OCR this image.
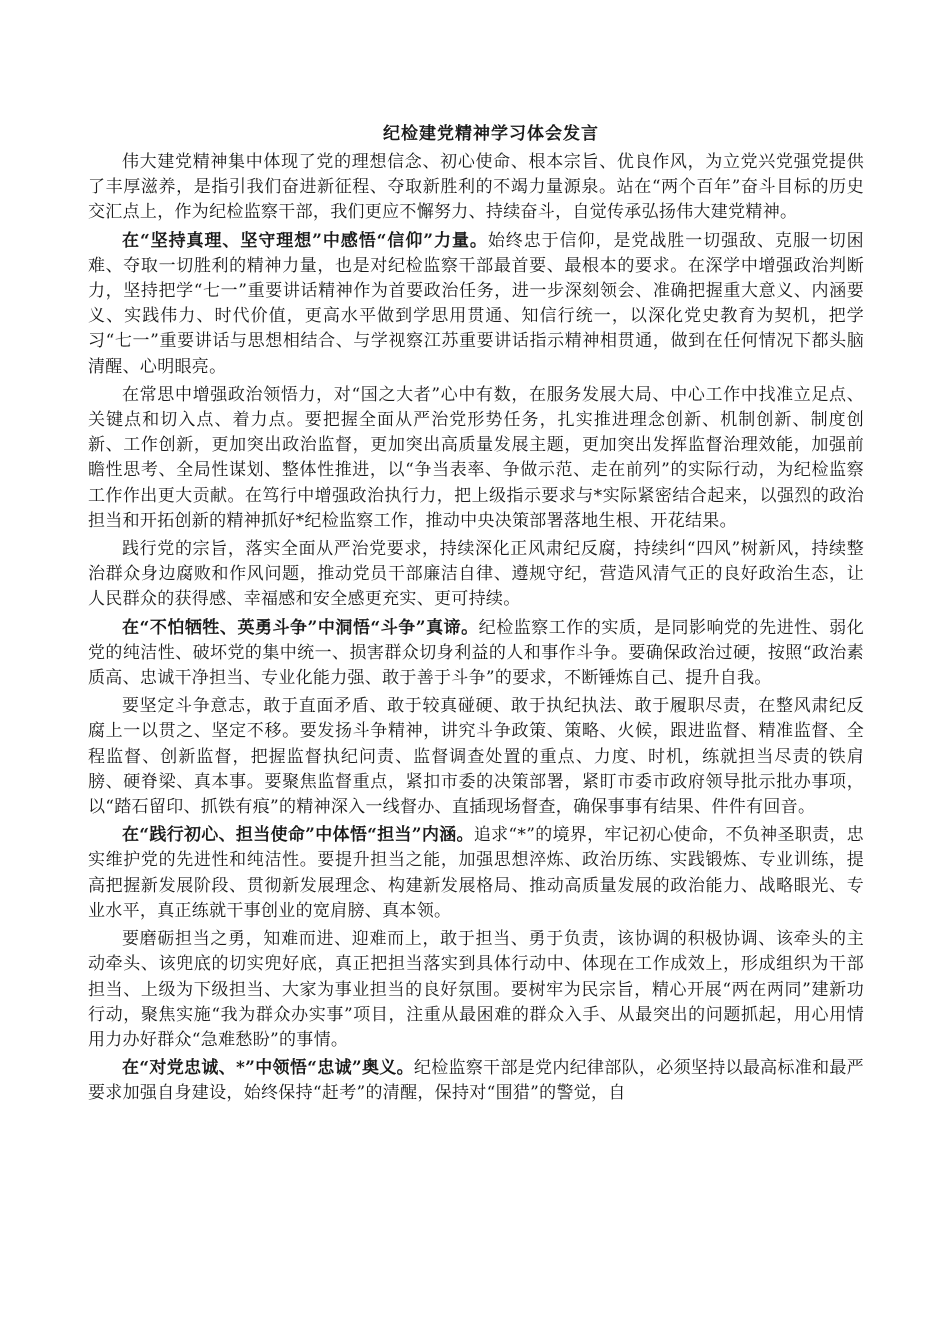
纪检建党精神学习体会发言

伟大建党精神集中体现了党的理想信念、初心使命、根本宗旨、优良作风，为立党兴党强党提供了丰厚滋养，是指引我们奋进新征程、夺取新胜利的不竭力量源泉。站在“两个百年”奋斗目标的历史交汇点上，作为纪检监察干部，我们更应不懈努力、持续奋斗，自觉传承弘扬伟大建党精神。

在“坚持真理、坚守理想”中感悟“信仰”力量。始终忠于信仰，是党战胜一切强敌、克服一切困难、夺取一切胜利的精神力量，也是对纪检监察干部最首要、最根本的要求。在深学中增强政治判断力，坚持把学“七一”重要讲话精神作为首要政治任务，进一步深刻领会、准确把握重大意义、内涵要义、实践伟力、时代价值，更高水平做到学思用贯通、知信行统一，以深化党史教育为契机，把学习“七一”重要讲话与思想相结合、与学视察江苏重要讲话指示精神相贯通，做到在任何情况下都头脑清醒、心明眼亮。

在常思中增强政治领悟力，对“国之大者”心中有数，在服务发展大局、中心工作中找准立足点、关键点和切入点、着力点。要把握全面从严治党形势任务，扎实推进理念创新、机制创新、制度创新、工作创新，更加突出政治监督，更加突出高质量发展主题，更加突出发挥监督治理效能，加强前瞻性思考、全局性谋划、整体性推进，以“争当表率、争做示范、走在前列”的实际行动，为纪检监察工作作出更大贡献。在笃行中增强政治执行力，把上级指示要求与*实际紧密结合起来，以强烈的政治担当和开拓创新的精神抓好*纪检监察工作，推动中央决策部署落地生根、开花结果。

践行党的宗旨，落实全面从严治党要求，持续深化正风肃纪反腐，持续纠“四风”树新风，持续整治群众身边腐败和作风问题，推动党员干部廉洁自律、遵规守纪，营造风清气正的良好政治生态，让人民群众的获得感、幸福感和安全感更充实、更可持续。

在“不怕牺牲、英勇斗争”中洞悟“斗争”真谛。纪检监察工作的实质，是同影响党的先进性、弱化党的纯洁性、破坏党的集中统一、损害群众切身利益的人和事作斗争。要确保政治过硬，按照“政治素质高、忠诚干净担当、专业化能力强、敢于善于斗争”的要求，不断锤炼自己、提升自我。

要坚定斗争意志，敢于直面矛盾、敢于较真碰硬、敢于执纪执法、敢于履职尽责，在整风肃纪反腐上一以贯之、坚定不移。要发扬斗争精神，讲究斗争政策、策略、火候，跟进监督、精准监督、全程监督、创新监督，把握监督执纪问责、监督调查处置的重点、力度、时机，练就担当尽责的铁肩膀、硬脊梁、真本事。要聚焦监督重点，紧扣市委的决策部署，紧盯市委市政府领导批示批办事项，以“踏石留印、抓铁有痕”的精神深入一线督办、直插现场督查，确保事事有结果、件件有回音。

在“践行初心、担当使命”中体悟“担当”内涵。追求“*”的境界，牢记初心使命，不负神圣职责，忠实维护党的先进性和纯洁性。要提升担当之能，加强思想淬炼、政治历练、实践锻炼、专业训练，提高把握新发展阶段、贯彻新发展理念、构建新发展格局、推动高质量发展的政治能力、战略眼光、专业水平，真正练就干事创业的宽肩膀、真本领。

要磨砺担当之勇，知难而进、迎难而上，敢于担当、勇于负责，该协调的积极协调、该牵头的主动牵头、该兜底的切实兜好底，真正把担当落实到具体行动中、体现在工作成效上，形成组织为干部担当、上级为下级担当、大家为事业担当的良好氛围。要树牢为民宗旨，精心开展“两在两同”建新功行动，聚焦实施“我为群众办实事”项目，注重从最困难的群众入手、从最突出的问题抓起，用心用情用力办好群众“急难愁盼”的事情。

在“对党忠诚、*”中领悟“忠诚”奥义。纪检监察干部是党内纪律部队，必须坚持以最高标准和最严要求加强自身建设，始终保持“赶考”的清醒，保持对“围猎”的警觉，自
